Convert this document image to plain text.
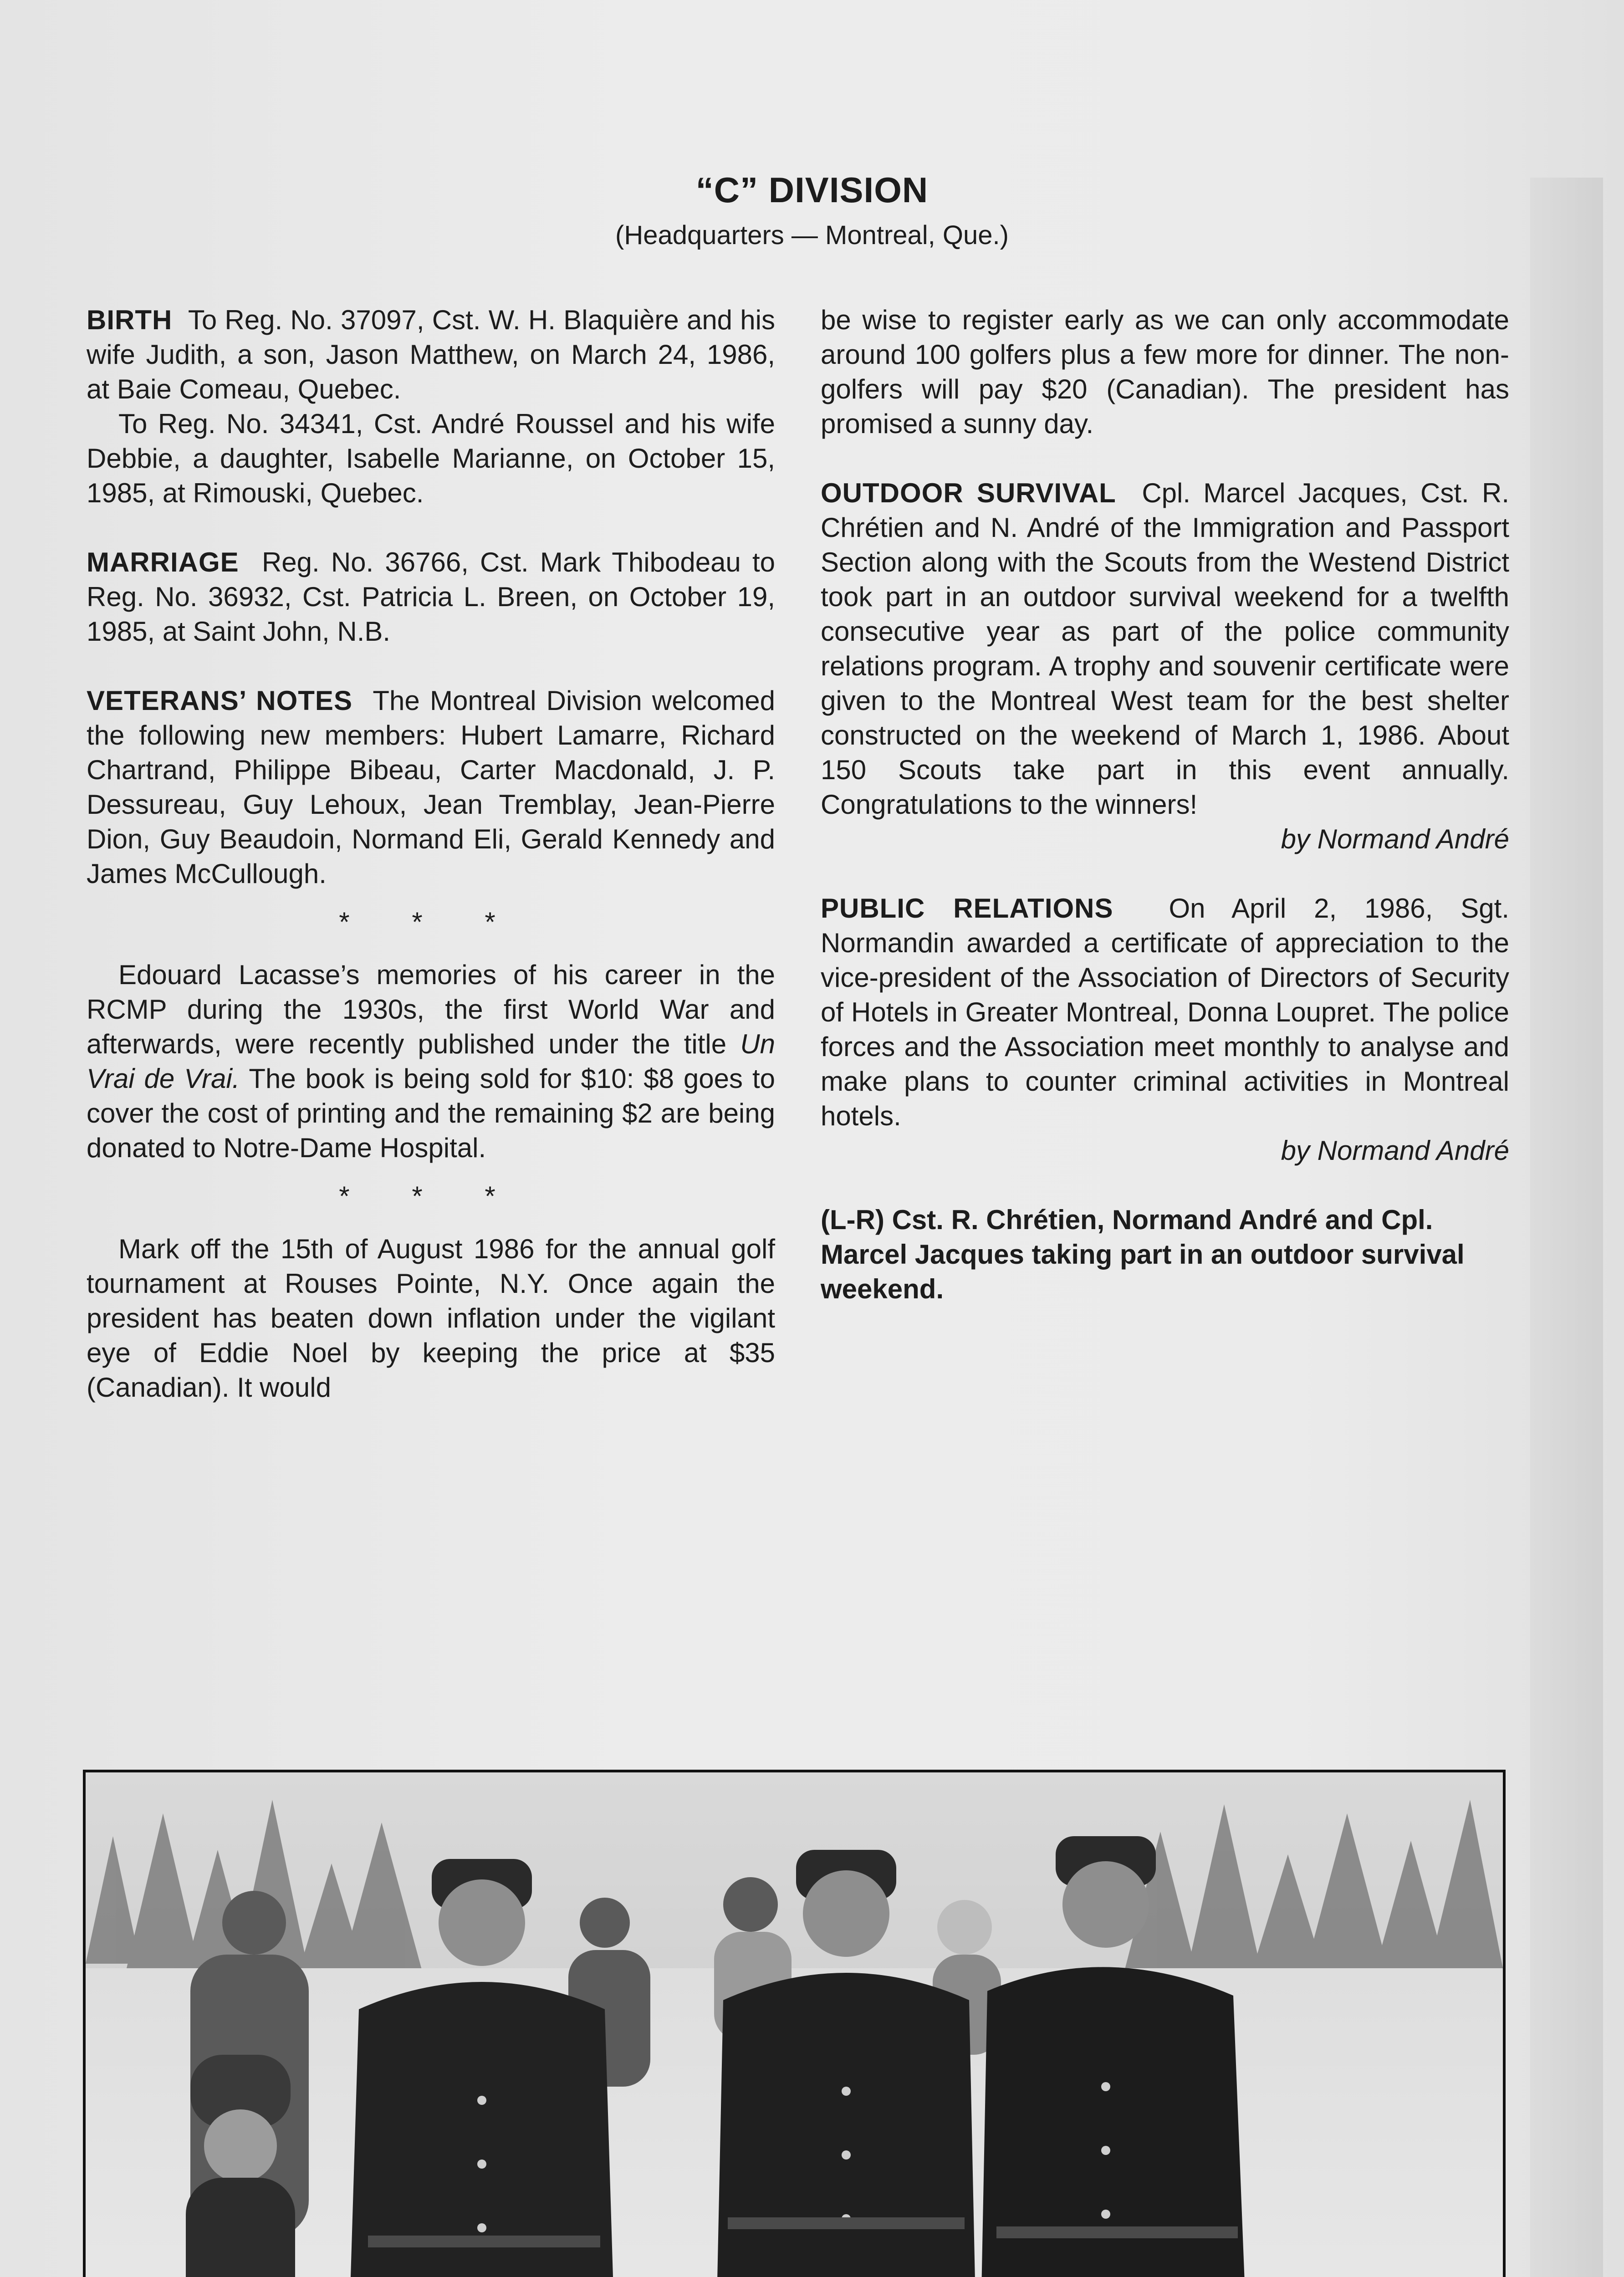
“C” DIVISION
(Headquarters — Montreal, Que.)

BIRTH To Reg. No. 37097, Cst. W. H. Blaquière and his wife Judith, a son, Jason Matthew, on March 24, 1986, at Baie Comeau, Quebec.

To Reg. No. 34341, Cst. André Roussel and his wife Debbie, a daughter, Isabelle Marianne, on October 15, 1985, at Rimouski, Quebec.

MARRIAGE Reg. No. 36766, Cst. Mark Thibodeau to Reg. No. 36932, Cst. Patricia L. Breen, on October 19, 1985, at Saint John, N.B.

VETERANS’ NOTES The Montreal Division welcomed the following new members: Hubert Lamarre, Richard Chartrand, Philippe Bibeau, Carter Macdonald, J. P. Dessureau, Guy Lehoux, Jean Tremblay, Jean-Pierre Dion, Guy Beaudoin, Normand Eli, Gerald Kennedy and James McCullough.

* * *

Edouard Lacasse’s memories of his career in the RCMP during the 1930s, the first World War and afterwards, were recently published under the title Un Vrai de Vrai. The book is being sold for $10: $8 goes to cover the cost of printing and the remaining $2 are being donated to Notre-Dame Hospital.

* * *

Mark off the 15th of August 1986 for the annual golf tournament at Rouses Pointe, N.Y. Once again the president has beaten down inflation under the vigilant eye of Eddie Noel by keeping the price at $35 (Canadian). It would

be wise to register early as we can only accommodate around 100 golfers plus a few more for dinner. The non-golfers will pay $20 (Canadian). The president has promised a sunny day.

OUTDOOR SURVIVAL Cpl. Marcel Jacques, Cst. R. Chrétien and N. André of the Immigration and Passport Section along with the Scouts from the Westend District took part in an outdoor survival weekend for a twelfth consecutive year as part of the police community relations program. A trophy and souvenir certificate were given to the Montreal West team for the best shelter constructed on the weekend of March 1, 1986. About 150 Scouts take part in this event annually. Congratulations to the winners!

by Normand André

PUBLIC RELATIONS On April 2, 1986, Sgt. Normandin awarded a certificate of appreciation to the vice-president of the Association of Directors of Security of Hotels in Greater Montreal, Donna Loupret. The police forces and the Association meet monthly to analyse and make plans to counter criminal activities in Montreal hotels.

by Normand André

(L-R) Cst. R. Chrétien, Normand André and Cpl. Marcel Jacques taking part in an outdoor survival weekend.
